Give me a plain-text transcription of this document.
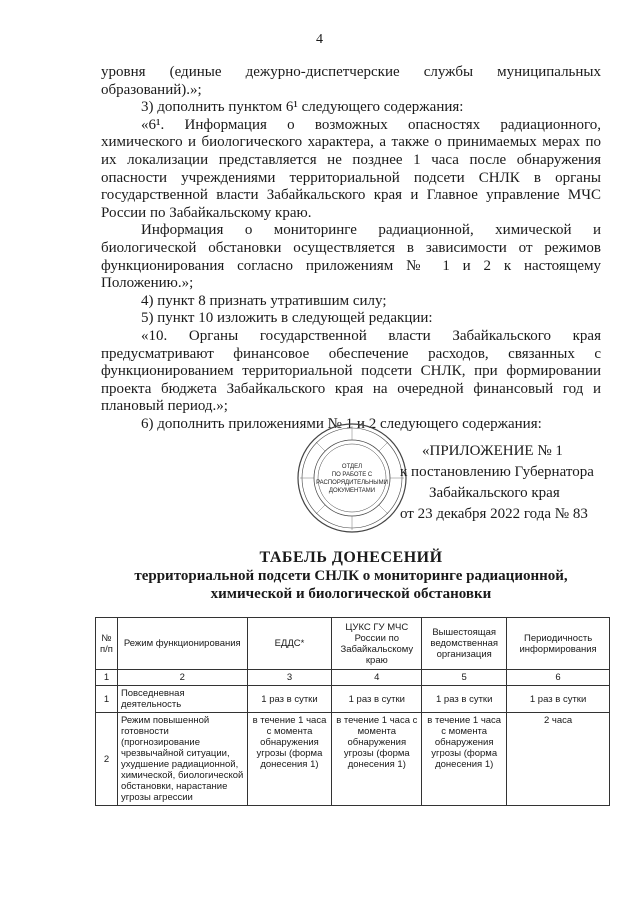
4

уровня (единые дежурно-диспетчерские службы муниципальных образований).»;

3) дополнить пунктом 6¹ следующего содержания:

«6¹. Информация о возможных опасностях радиационного, химического и биологического характера, а также о принимаемых мерах по их локализации представляется не позднее 1 часа после обнаружения опасности учреждениями территориальной подсети СНЛК в органы государственной власти Забайкальского края и Главное управление МЧС России по Забайкальскому краю.

Информация о мониторинге радиационной, химической и биологической обстановки осуществляется в зависимости от режимов функционирования согласно приложениям № 1 и 2 к настоящему Положению.»;

4) пункт 8 признать утратившим силу;

5) пункт 10 изложить в следующей редакции:

«10. Органы государственной власти Забайкальского края предусматривают финансовое обеспечение расходов, связанных с функционированием территориальной подсети СНЛК, при формировании проекта бюджета Забайкальского края на очередной финансовый год и плановый период.»;

6) дополнить приложениями № 1 и 2 следующего содержания:

ОТДЕЛ
ПО РАБОТЕ С
РАСПОРЯДИТЕЛЬНЫМИ
ДОКУМЕНТАМИ
«ПРИЛОЖЕНИЕ № 1
к постановлению Губернатора
Забайкальского края
от 23 декабря 2022 года № 83
ТАБЕЛЬ ДОНЕСЕНИЙ
территориальной подсети СНЛК о мониторинге радиационной,
химической и биологической обстановки
№ п/п	Режим функционирования	ЕДДС*	ЦУКС ГУ МЧС России по Забайкальскому краю	Вышестоящая ведомственная организация	Периодичность информирования
1	2	3	4	5	6
1	Повседневная деятельность	1 раз в сутки	1 раз в сутки	1 раз в сутки	1 раз в сутки
2	Режим повышенной готовности (прогнозирование чрезвычайной ситуации, ухудшение радиационной, химической, биологической обстановки, нарастание угрозы агрессии	в течение 1 часа с момента обнаружения угрозы (форма донесения 1)	в течение 1 часа с момента обнаружения угрозы (форма донесения 1)	в течение 1 часа с момента обнаружения угрозы (форма донесения 1)	2 часа
